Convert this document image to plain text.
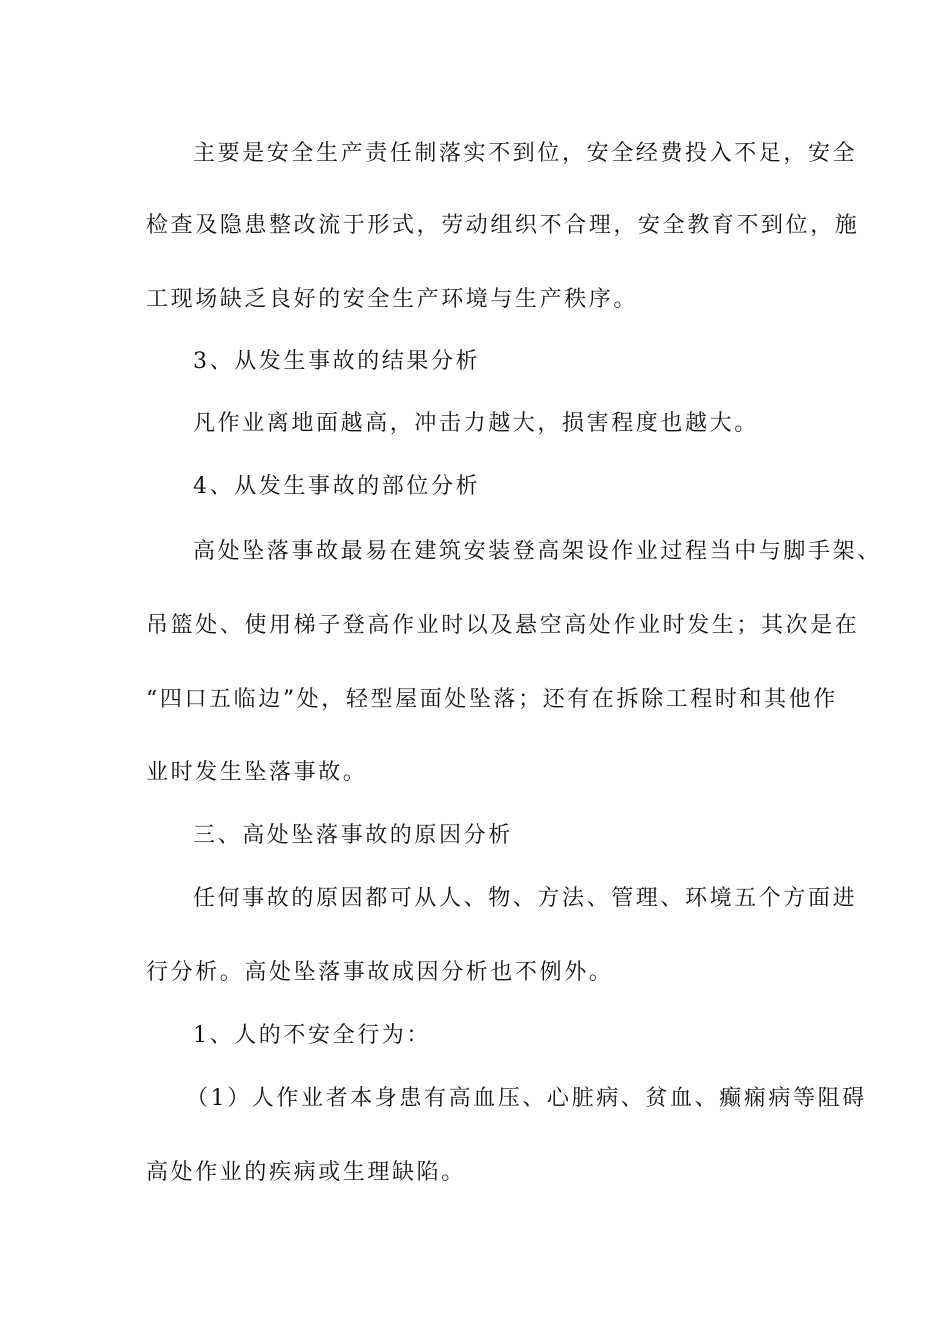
主要是安全生产责任制落实不到位，安全经费投入不足，安全
检查及隐患整改流于形式，劳动组织不合理，安全教育不到位，施
工现场缺乏良好的安全生产环境与生产秩序。
3、从发生事故的结果分析
凡作业离地面越高，冲击力越大，损害程度也越大。
4、从发生事故的部位分析
高处坠落事故最易在建筑安装登高架设作业过程当中与脚手架、
吊篮处、使用梯子登高作业时以及悬空高处作业时发生；其次是在
“四口五临边”处，轻型屋面处坠落；还有在拆除工程时和其他作
业时发生坠落事故。
三、高处坠落事故的原因分析
任何事故的原因都可从人、物、方法、管理、环境五个方面进
行分析。高处坠落事故成因分析也不例外。
1、人的不安全行为：
（1）人作业者本身患有高血压、心脏病、贫血、癫痫病等阻碍
高处作业的疾病或生理缺陷。
